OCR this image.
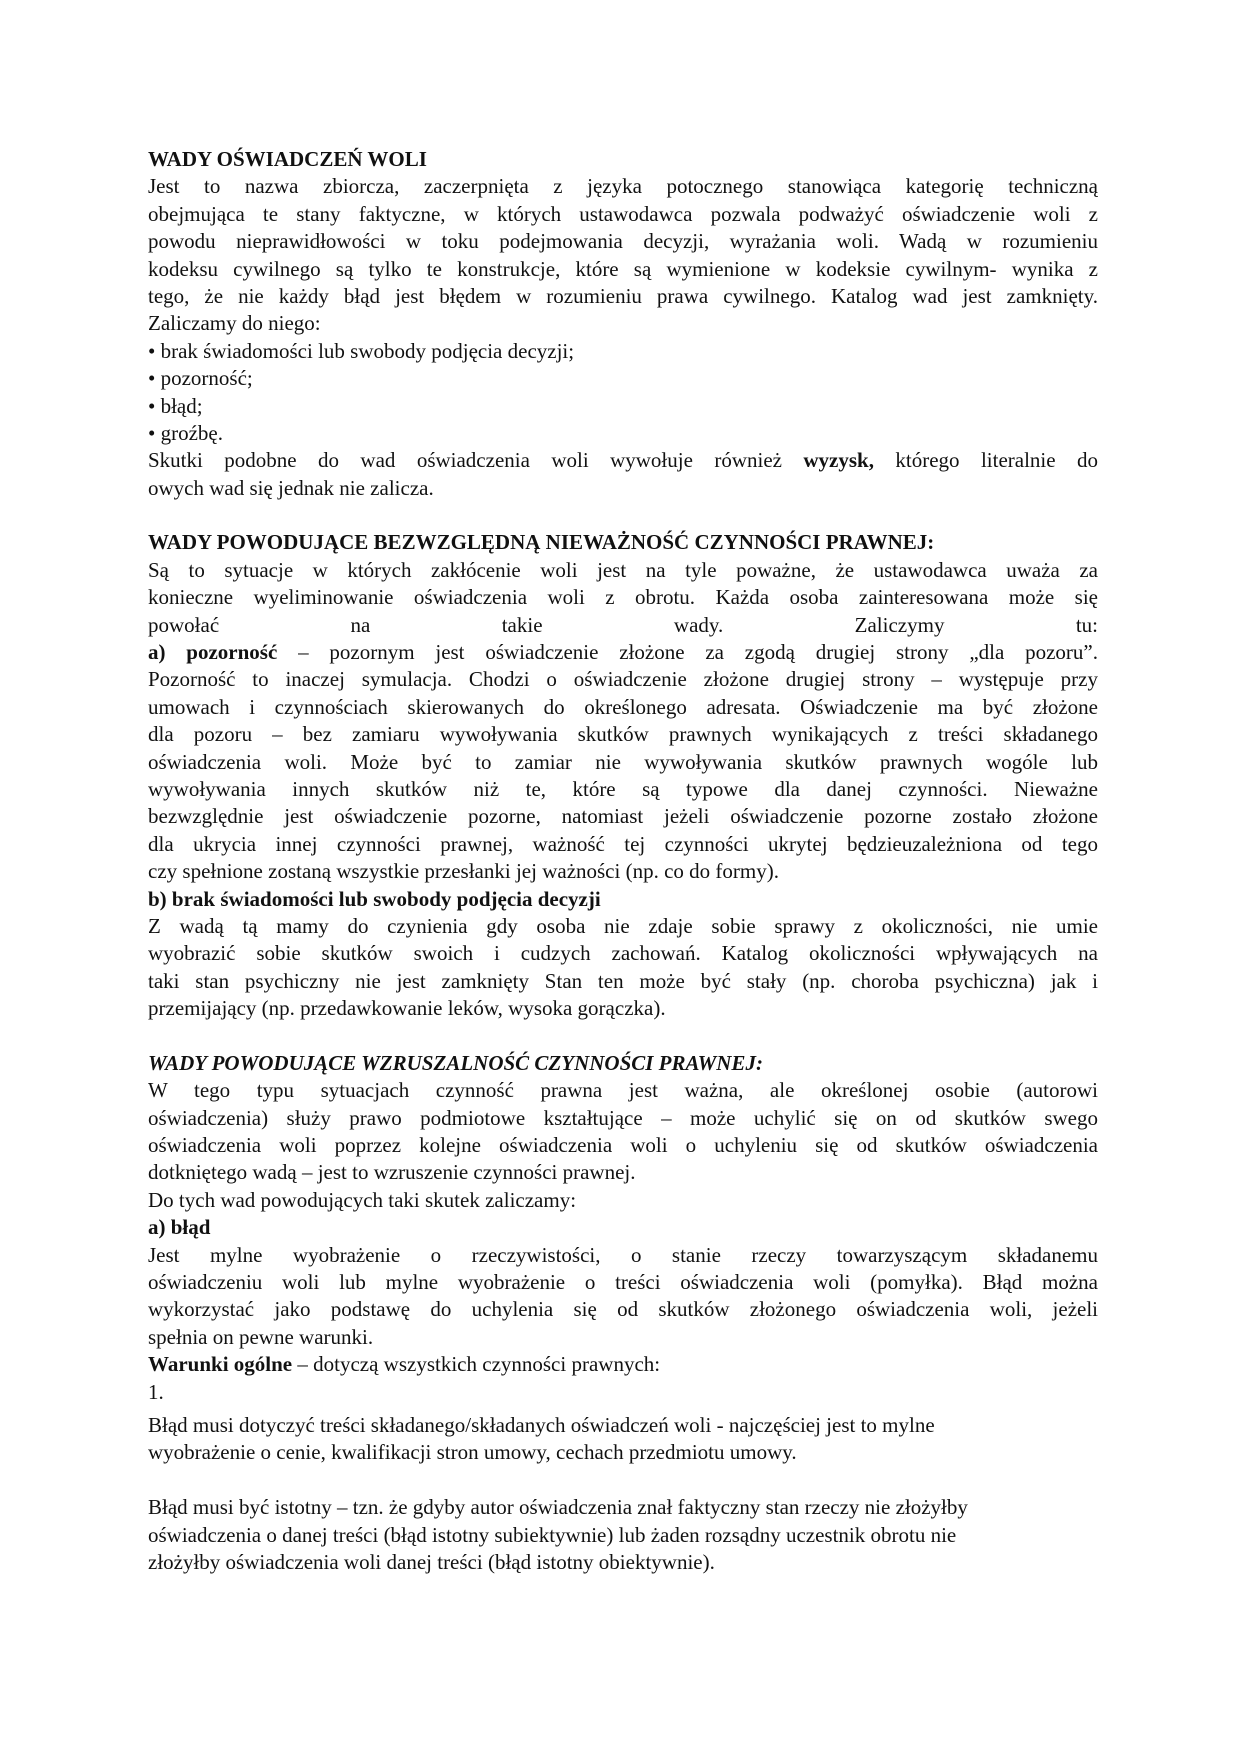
WADY OŚWIADCZEŃ WOLI
Jest to nazwa zbiorcza, zaczerpnięta z języka potocznego stanowiąca kategorię techniczną
obejmująca te stany faktyczne, w których ustawodawca pozwala podważyć oświadczenie woli z
powodu nieprawidłowości w toku podejmowania decyzji, wyrażania woli. Wadą w rozumieniu
kodeksu cywilnego są tylko te konstrukcje, które są wymienione w kodeksie cywilnym- wynika z
tego, że nie każdy błąd jest błędem w rozumieniu prawa cywilnego. Katalog wad jest zamknięty.
Zaliczamy do niego:
• brak świadomości lub swobody podjęcia decyzji;
• pozorność;
• błąd;
• groźbę.
Skutki podobne do wad oświadczenia woli wywołuje również wyzysk, którego literalnie do
owych wad się jednak nie zalicza.
WADY POWODUJĄCE BEZWZGLĘDNĄ NIEWAŻNOŚĆ CZYNNOŚCI PRAWNEJ:
Są to sytuacje w których zakłócenie woli jest na tyle poważne, że ustawodawca uważa za
konieczne wyeliminowanie oświadczenia woli z obrotu. Każda osoba zainteresowana może się
powołać na takie wady. Zaliczymy tu:
a) pozorność – pozornym jest oświadczenie złożone za zgodą drugiej strony „dla pozoru”.
Pozorność to inaczej symulacja. Chodzi o oświadczenie złożone drugiej strony – występuje przy
umowach i czynnościach skierowanych do określonego adresata. Oświadczenie ma być złożone
dla pozoru – bez zamiaru wywoływania skutków prawnych wynikających z treści składanego
oświadczenia woli. Może być to zamiar nie wywoływania skutków prawnych wogóle lub
wywoływania innych skutków niż te, które są typowe dla danej czynności. Nieważne
bezwzględnie jest oświadczenie pozorne, natomiast jeżeli oświadczenie pozorne zostało złożone
dla ukrycia innej czynności prawnej, ważność tej czynności ukrytej będzieuzależniona od tego
czy spełnione zostaną wszystkie przesłanki jej ważności (np. co do formy).
b) brak świadomości lub swobody podjęcia decyzji
Z wadą tą mamy do czynienia gdy osoba nie zdaje sobie sprawy z okoliczności, nie umie
wyobrazić sobie skutków swoich i cudzych zachowań. Katalog okoliczności wpływających na
taki stan psychiczny nie jest zamknięty Stan ten może być stały (np. choroba psychiczna) jak i
przemijający (np. przedawkowanie leków, wysoka gorączka).
WADY POWODUJĄCE WZRUSZALNOŚĆ CZYNNOŚCI PRAWNEJ:
W tego typu sytuacjach czynność prawna jest ważna, ale określonej osobie (autorowi
oświadczenia) służy prawo podmiotowe kształtujące – może uchylić się on od skutków swego
oświadczenia woli poprzez kolejne oświadczenia woli o uchyleniu się od skutków oświadczenia
dotkniętego wadą – jest to wzruszenie czynności prawnej.
Do tych wad powodujących taki skutek zaliczamy:
a) błąd
Jest mylne wyobrażenie o rzeczywistości, o stanie rzeczy towarzyszącym składanemu
oświadczeniu woli lub mylne wyobrażenie o treści oświadczenia woli (pomyłka). Błąd można
wykorzystać jako podstawę do uchylenia się od skutków złożonego oświadczenia woli, jeżeli
spełnia on pewne warunki.
Warunki ogólne – dotyczą wszystkich czynności prawnych:
1.
Błąd musi dotyczyć treści składanego/składanych oświadczeń woli - najczęściej jest to mylne
wyobrażenie o cenie, kwalifikacji stron umowy, cechach przedmiotu umowy.
Błąd musi być istotny – tzn. że gdyby autor oświadczenia znał faktyczny stan rzeczy nie złożyłby
oświadczenia o danej treści (błąd istotny subiektywnie) lub żaden rozsądny uczestnik obrotu nie
złożyłby oświadczenia woli danej treści (błąd istotny obiektywnie).
